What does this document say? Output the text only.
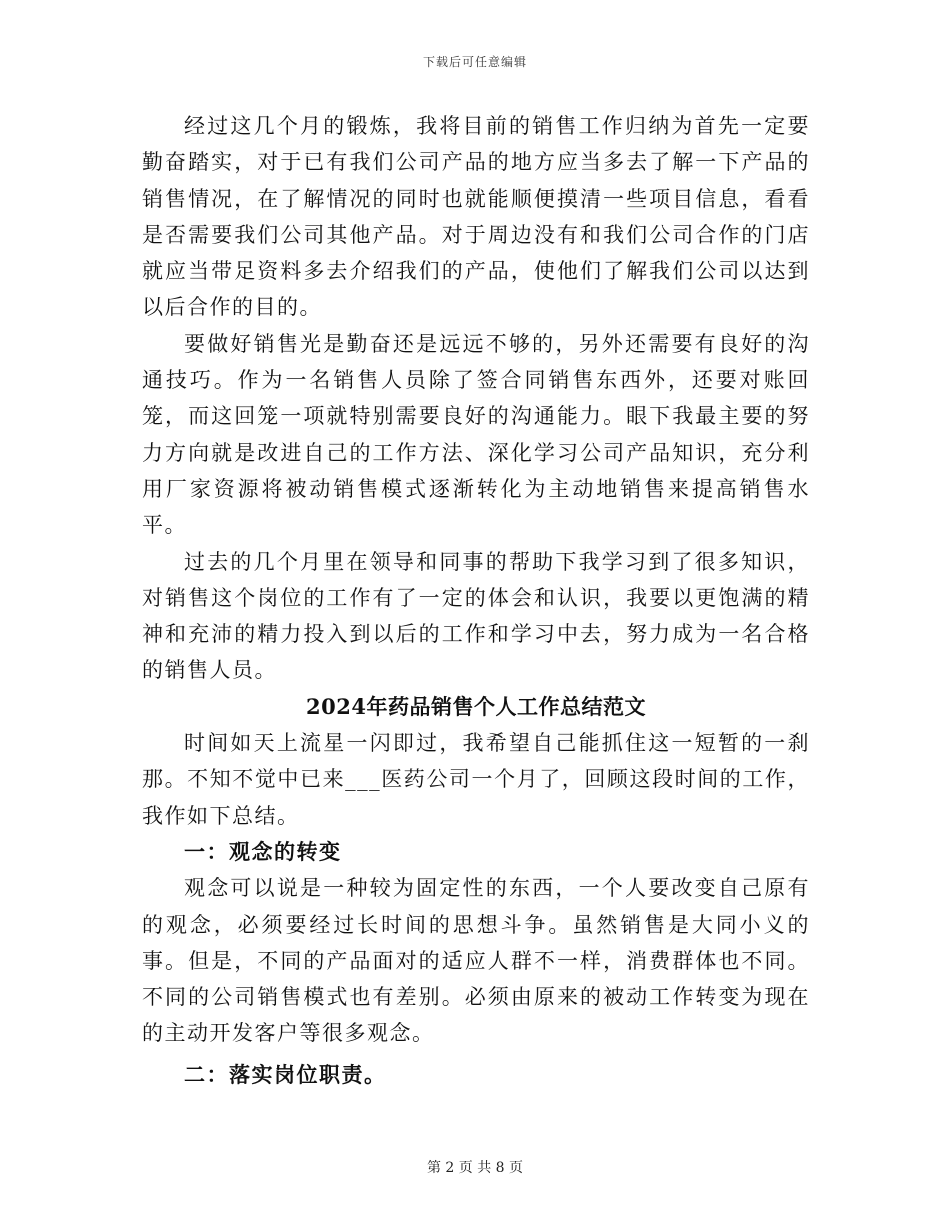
下载后可任意编辑

经过这几个月的锻炼，我将目前的销售工作归纳为首先一定要勤奋踏实，对于已有我们公司产品的地方应当多去了解一下产品的销售情况，在了解情况的同时也就能顺便摸清一些项目信息，看看是否需要我们公司其他产品。对于周边没有和我们公司合作的门店就应当带足资料多去介绍我们的产品，使他们了解我们公司以达到以后合作的目的。

要做好销售光是勤奋还是远远不够的，另外还需要有良好的沟通技巧。作为一名销售人员除了签合同销售东西外，还要对账回笼，而这回笼一项就特别需要良好的沟通能力。眼下我最主要的努力方向就是改进自己的工作方法、深化学习公司产品知识，充分利用厂家资源将被动销售模式逐渐转化为主动地销售来提高销售水平。

过去的几个月里在领导和同事的帮助下我学习到了很多知识，对销售这个岗位的工作有了一定的体会和认识，我要以更饱满的精神和充沛的精力投入到以后的工作和学习中去，努力成为一名合格的销售人员。

2024年药品销售个人工作总结范文

时间如天上流星一闪即过，我希望自己能抓住这一短暂的一刹那。不知不觉中已来___医药公司一个月了，回顾这段时间的工作，我作如下总结。

一：观念的转变

观念可以说是一种较为固定性的东西，一个人要改变自己原有的观念，必须要经过长时间的思想斗争。虽然销售是大同小义的事。但是，不同的产品面对的适应人群不一样，消费群体也不同。不同的公司销售模式也有差别。必须由原来的被动工作转变为现在的主动开发客户等很多观念。

二：落实岗位职责。

第 2 页 共 8 页
